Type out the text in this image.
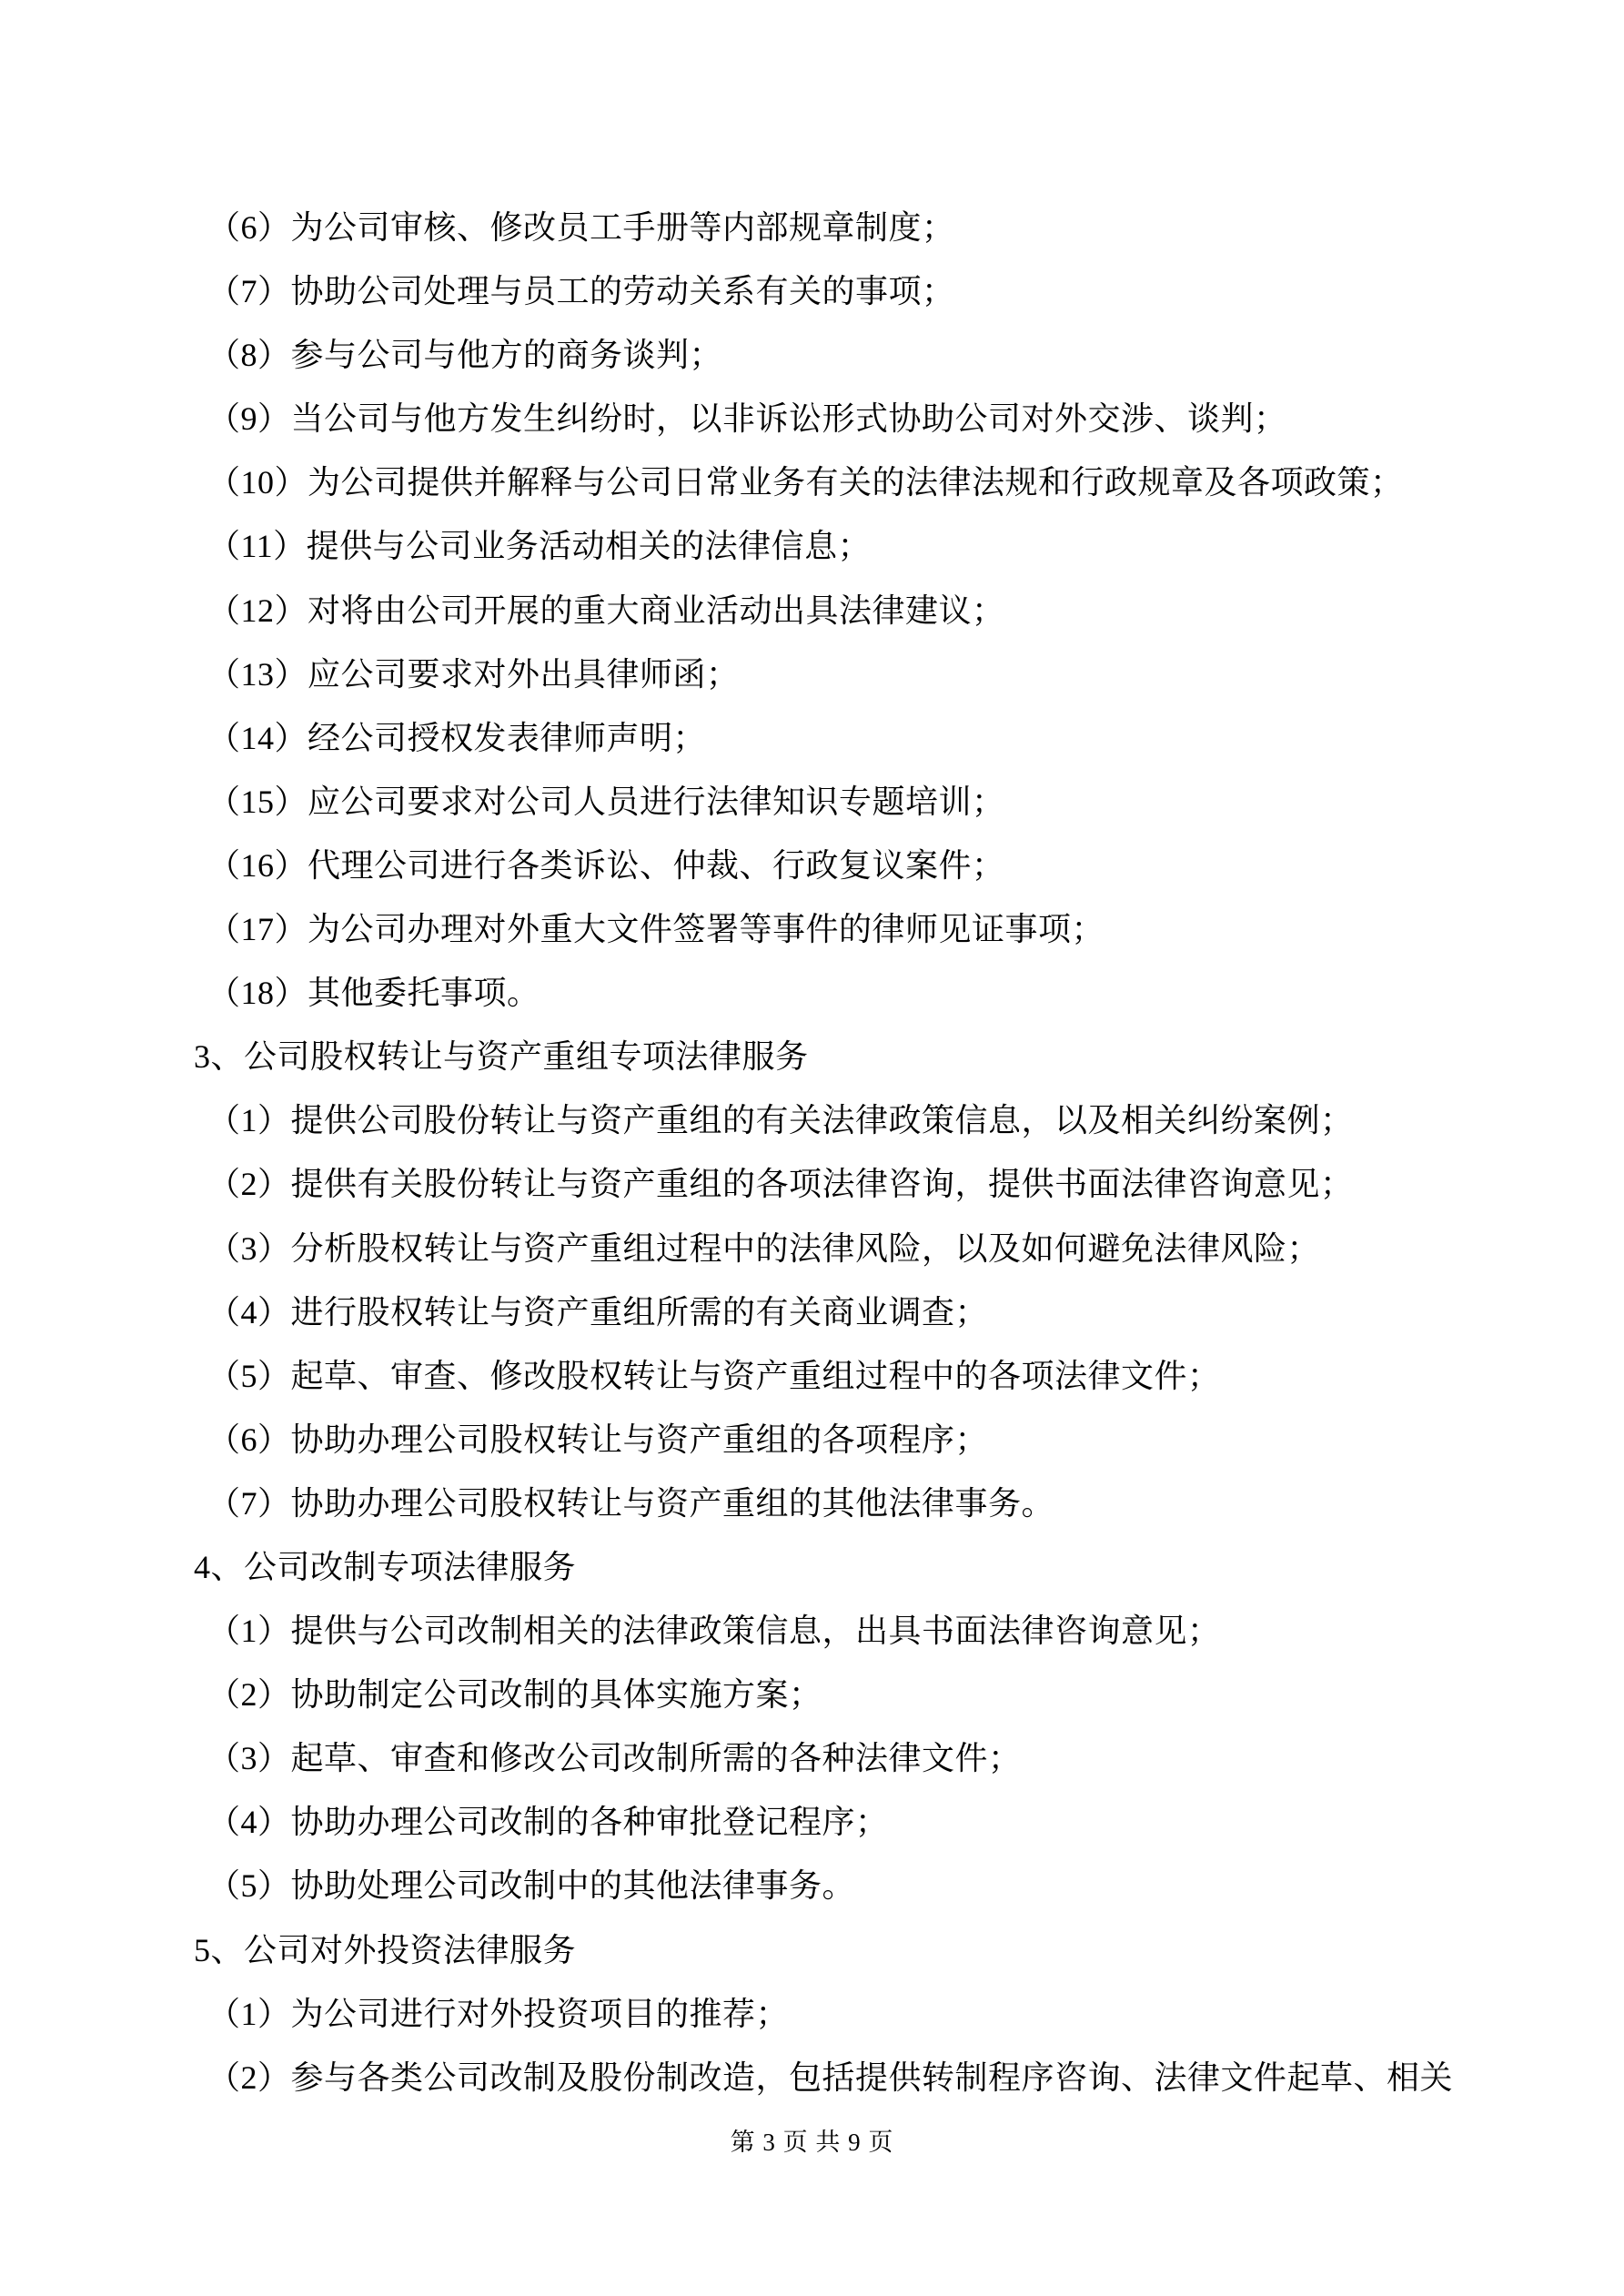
（6）为公司审核、修改员工手册等内部规章制度；

（7）协助公司处理与员工的劳动关系有关的事项；

（8）参与公司与他方的商务谈判；

（9）当公司与他方发生纠纷时，以非诉讼形式协助公司对外交涉、谈判；

（10）为公司提供并解释与公司日常业务有关的法律法规和行政规章及各项政策；

（11）提供与公司业务活动相关的法律信息；

（12）对将由公司开展的重大商业活动出具法律建议；

（13）应公司要求对外出具律师函；

（14）经公司授权发表律师声明；

（15）应公司要求对公司人员进行法律知识专题培训；

（16）代理公司进行各类诉讼、仲裁、行政复议案件；

（17）为公司办理对外重大文件签署等事件的律师见证事项；

（18）其他委托事项。

3、公司股权转让与资产重组专项法律服务

（1）提供公司股份转让与资产重组的有关法律政策信息，以及相关纠纷案例；

（2）提供有关股份转让与资产重组的各项法律咨询，提供书面法律咨询意见；

（3）分析股权转让与资产重组过程中的法律风险，以及如何避免法律风险；

（4）进行股权转让与资产重组所需的有关商业调查；

（5）起草、审查、修改股权转让与资产重组过程中的各项法律文件；

（6）协助办理公司股权转让与资产重组的各项程序；

（7）协助办理公司股权转让与资产重组的其他法律事务。

4、公司改制专项法律服务

（1）提供与公司改制相关的法律政策信息，出具书面法律咨询意见；

（2）协助制定公司改制的具体实施方案；

（3）起草、审查和修改公司改制所需的各种法律文件；

（4）协助办理公司改制的各种审批登记程序；

（5）协助处理公司改制中的其他法律事务。

5、公司对外投资法律服务

（1）为公司进行对外投资项目的推荐；

（2）参与各类公司改制及股份制改造，包括提供转制程序咨询、法律文件起草、相关

第 3 页 共 9 页
